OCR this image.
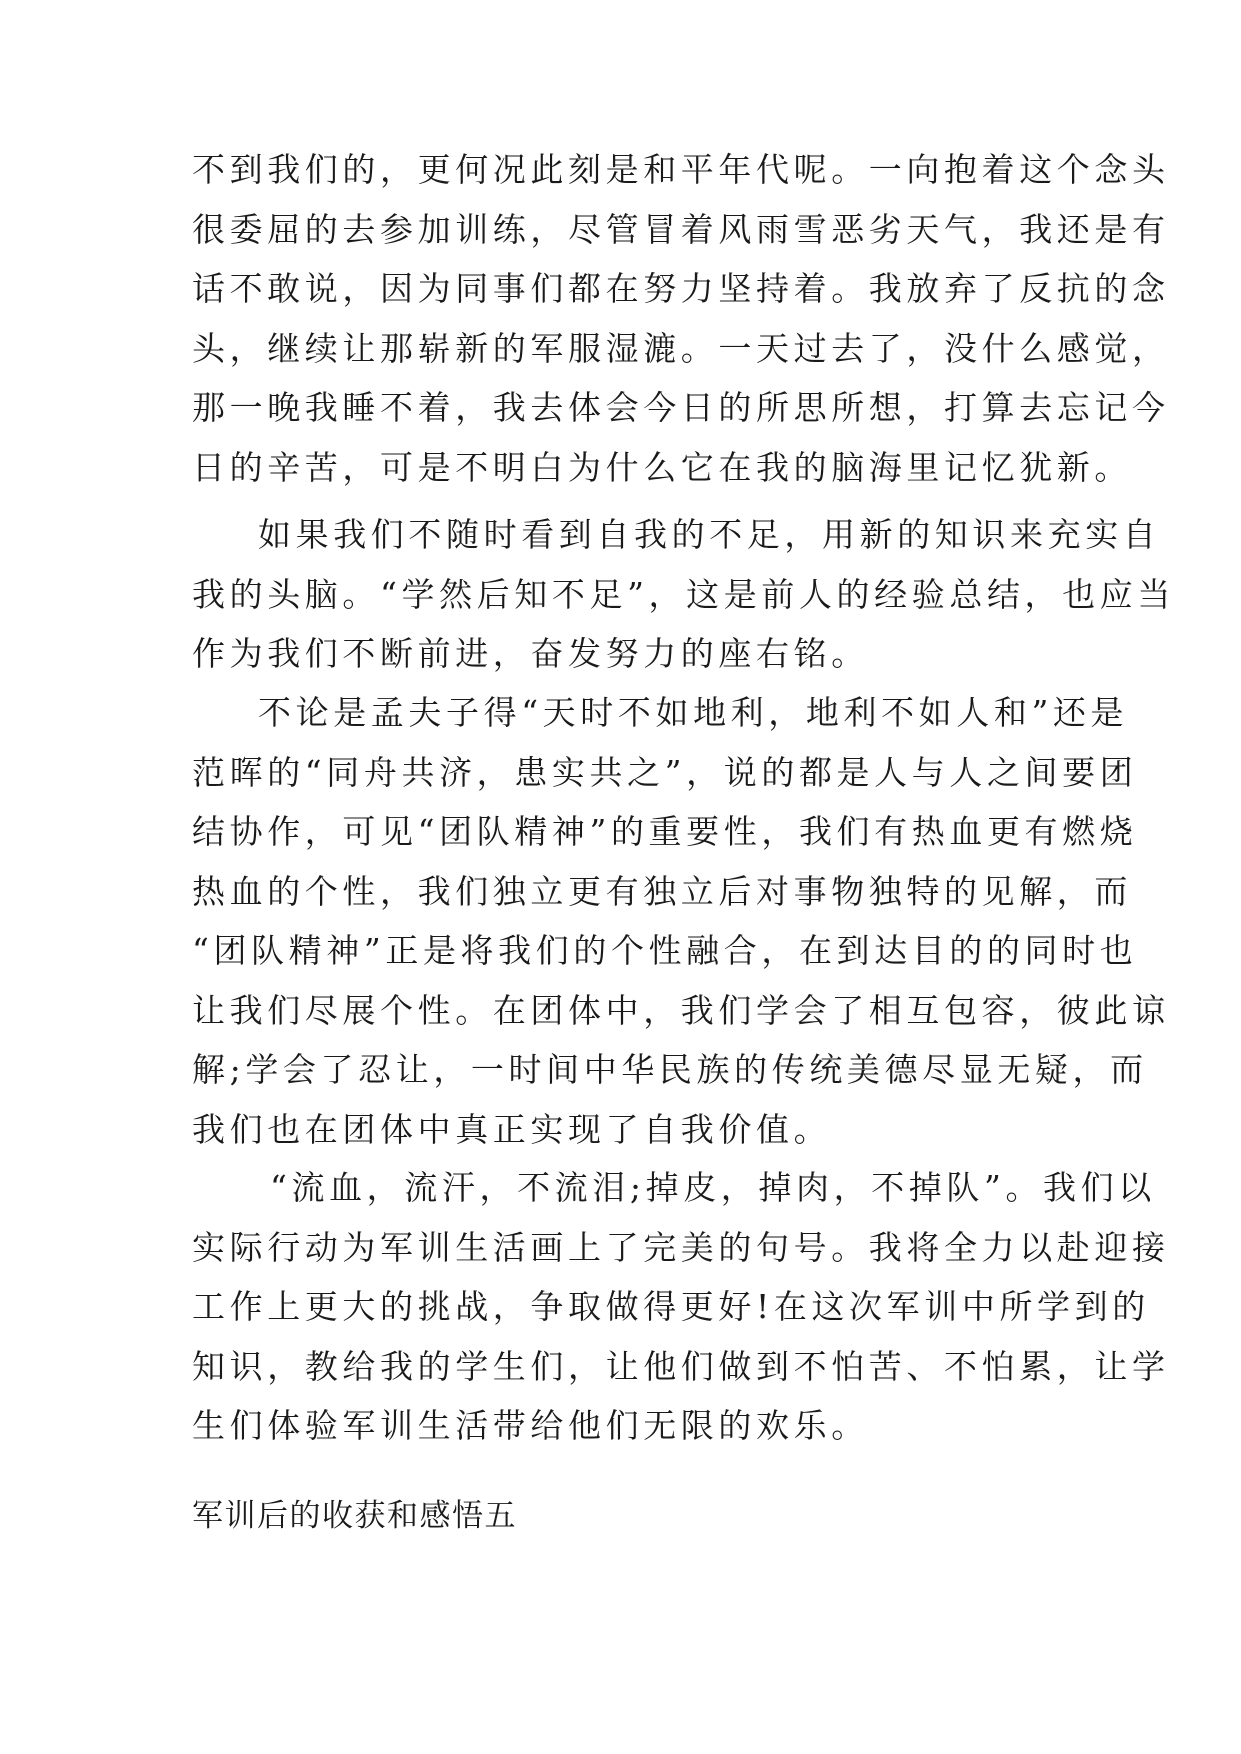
不到我们的，更何况此刻是和平年代呢。一向抱着这个念头
很委屈的去参加训练，尽管冒着风雨雪恶劣天气，我还是有
话不敢说，因为同事们都在努力坚持着。我放弃了反抗的念
头，继续让那崭新的军服湿漉。一天过去了，没什么感觉，
那一晚我睡不着，我去体会今日的所思所想，打算去忘记今
日的辛苦，可是不明白为什么它在我的脑海里记忆犹新。
如果我们不随时看到自我的不足，用新的知识来充实自
我的头脑。“学然后知不足”，这是前人的经验总结，也应当
作为我们不断前进，奋发努力的座右铭。
不论是孟夫子得“天时不如地利，地利不如人和”还是
范晖的“同舟共济，患实共之”，说的都是人与人之间要团
结协作，可见“团队精神”的重要性，我们有热血更有燃烧
热血的个性，我们独立更有独立后对事物独特的见解，而
“团队精神”正是将我们的个性融合，在到达目的的同时也
让我们尽展个性。在团体中，我们学会了相互包容，彼此谅
解;学会了忍让，一时间中华民族的传统美德尽显无疑，而
我们也在团体中真正实现了自我价值。
“流血，流汗，不流泪;掉皮，掉肉，不掉队”。我们以
实际行动为军训生活画上了完美的句号。我将全力以赴迎接
工作上更大的挑战，争取做得更好!在这次军训中所学到的
知识，教给我的学生们，让他们做到不怕苦、不怕累，让学
生们体验军训生活带给他们无限的欢乐。
军训后的收获和感悟五
